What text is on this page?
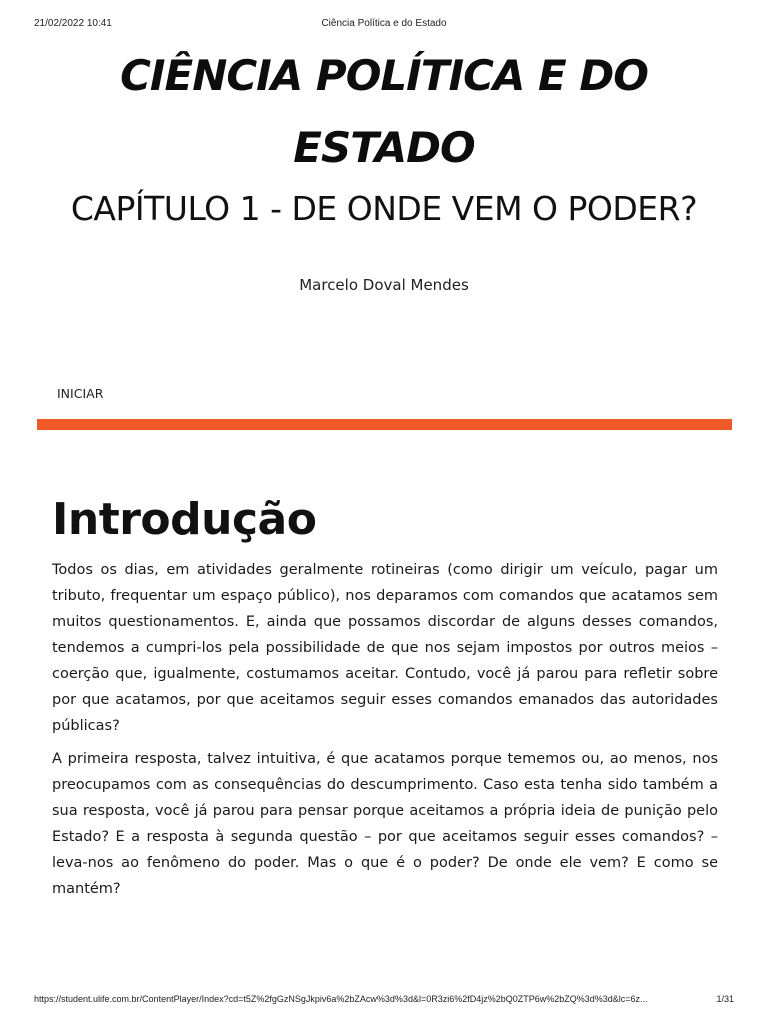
21/02/2022 10:41	Ciência Política e do Estado
CIÊNCIA POLÍTICA E DO ESTADO
CAPÍTULO 1 - DE ONDE VEM O PODER?
Marcelo Doval Mendes
INICIAR
Introdução

Todos os dias, em atividades geralmente rotineiras (como dirigir um veículo, pagar um tributo, frequentar um espaço público), nos deparamos com comandos que acatamos sem muitos questionamentos. E, ainda que possamos discordar de alguns desses comandos, tendemos a cumpri-los pela possibilidade de que nos sejam impostos por outros meios – coerção que, igualmente, costumamos aceitar. Contudo, você já parou para refletir sobre por que acatamos, por que aceitamos seguir esses comandos emanados das autoridades públicas?

A primeira resposta, talvez intuitiva, é que acatamos porque tememos ou, ao menos, nos preocupamos com as consequências do descumprimento. Caso esta tenha sido também a sua resposta, você já parou para pensar porque aceitamos a própria ideia de punição pelo Estado? E a resposta à segunda questão – por que aceitamos seguir esses comandos? – leva-nos ao fenômeno do poder. Mas o que é o poder? De onde ele vem? E como se mantém?

https://student.ulife.com.br/ContentPlayer/Index?cd=t5Z%2fgGzNSgJkpiv6a%2bZAcw%3d%3d&l=0R3zi6%2fD4jz%2bQ0ZTP6w%2bZQ%3d%3d&lc=6z...	1/31
